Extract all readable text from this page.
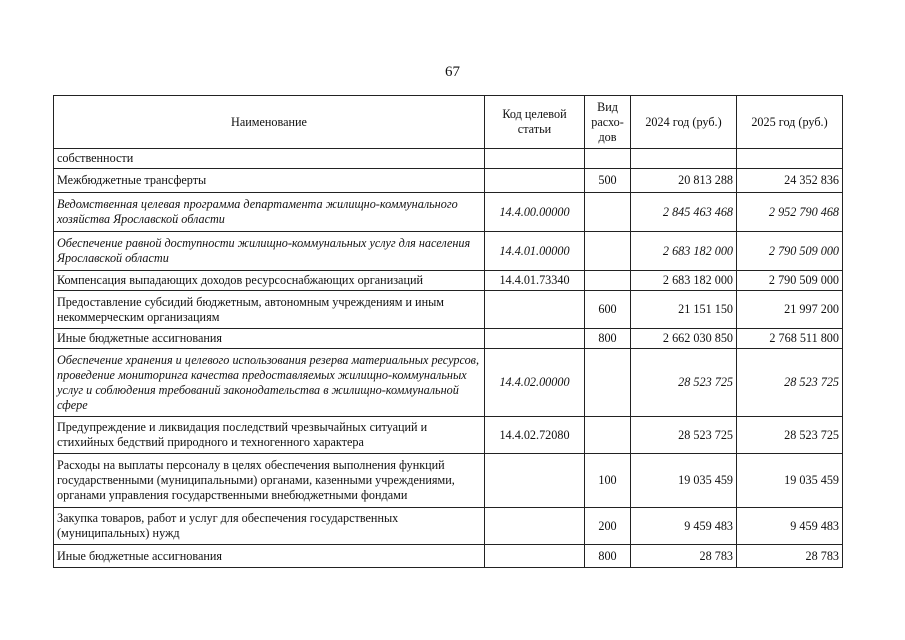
67
Наименование	Код целевой статьи	Вид расхо-дов	2024 год (руб.)	2025 год (руб.)
собственности				
Межбюджетные трансферты		500	20 813 288	24 352 836
Ведомственная целевая программа департамента жилищно-коммунального хозяйства Ярославской области	14.4.00.00000		2 845 463 468	2 952 790 468
Обеспечение равной доступности жилищно-коммунальных услуг для населения Ярославской области	14.4.01.00000		2 683 182 000	2 790 509 000
Компенсация выпадающих доходов ресурсоснабжающих организаций	14.4.01.73340		2 683 182 000	2 790 509 000
Предоставление субсидий бюджетным, автономным учреждениям и иным некоммерческим организациям		600	21 151 150	21 997 200
Иные бюджетные ассигнования		800	2 662 030 850	2 768 511 800
Обеспечение хранения и целевого использования резерва материальных ресурсов, проведение мониторинга качества предоставляемых жилищно-коммунальных услуг и соблюдения требований законодательства в жилищно-коммунальной сфере	14.4.02.00000		28 523 725	28 523 725
Предупреждение и ликвидация последствий чрезвычайных ситуаций и стихийных бедствий природного и техногенного характера	14.4.02.72080		28 523 725	28 523 725
Расходы на выплаты персоналу в целях обеспечения выполнения функций государственными (муниципальными) органами, казенными учреждениями, органами управления государственными внебюджетными фондами		100	19 035 459	19 035 459
Закупка товаров, работ и услуг для обеспечения государственных (муниципальных) нужд		200	9 459 483	9 459 483
Иные бюджетные ассигнования		800	28 783	28 783
